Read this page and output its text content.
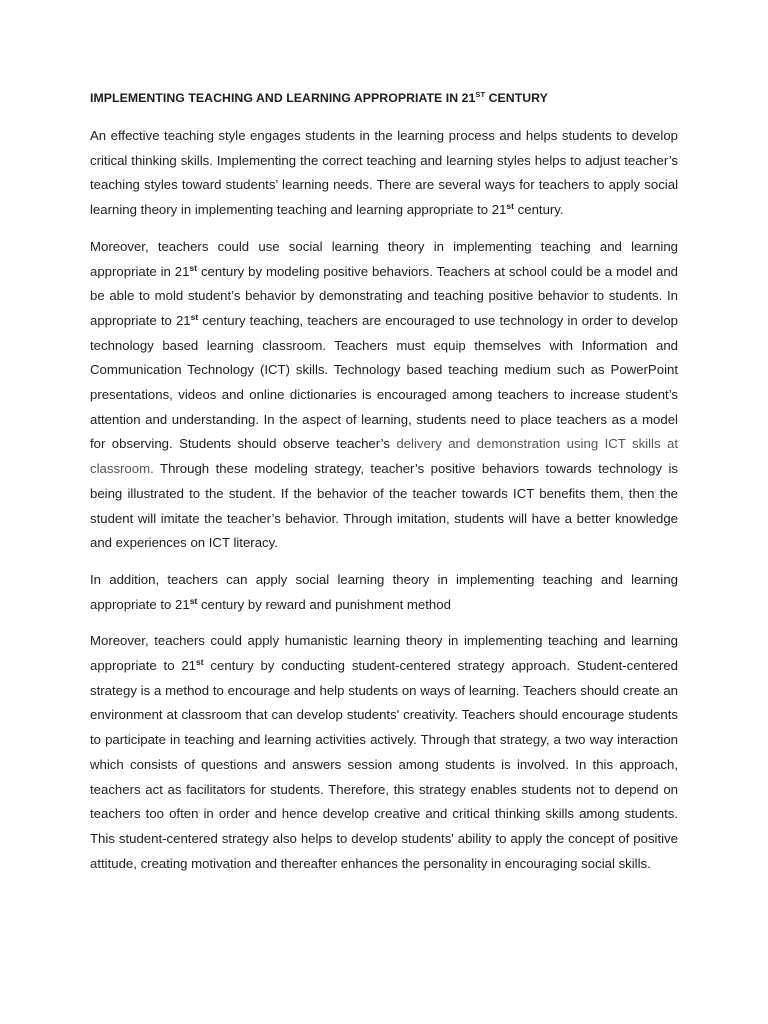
IMPLEMENTING TEACHING AND LEARNING APPROPRIATE IN 21ST CENTURY

An effective teaching style engages students in the learning process and helps students to develop critical thinking skills. Implementing the correct teaching and learning styles helps to adjust teacher’s teaching styles toward students’ learning needs. There are several ways for teachers to apply social learning theory in implementing teaching and learning appropriate to 21st century.

Moreover, teachers could use social learning theory in implementing teaching and learning appropriate in 21st century by modeling positive behaviors. Teachers at school could be a model and be able to mold student’s behavior by demonstrating and teaching positive behavior to students. In appropriate to 21st century teaching, teachers are encouraged to use technology in order to develop technology based learning classroom. Teachers must equip themselves with Information and Communication Technology (ICT) skills. Technology based teaching medium such as PowerPoint presentations, videos and online dictionaries is encouraged among teachers to increase student’s attention and understanding. In the aspect of learning, students need to place teachers as a model for observing. Students should observe teacher’s delivery and demonstration using ICT skills at classroom. Through these modeling strategy, teacher’s positive behaviors towards technology is being illustrated to the student. If the behavior of the teacher towards ICT benefits them, then the student will imitate the teacher’s behavior. Through imitation, students will have a better knowledge and experiences on ICT literacy.

In addition, teachers can apply social learning theory in implementing teaching and learning appropriate to 21st century by reward and punishment method

Moreover, teachers could apply humanistic learning theory in implementing teaching and learning appropriate to 21st century by conducting student-centered strategy approach. Student-centered strategy is a method to encourage and help students on ways of learning. Teachers should create an environment at classroom that can develop students' creativity. Teachers should encourage students to participate in teaching and learning activities actively. Through that strategy, a two way interaction which consists of questions and answers session among students is involved. In this approach, teachers act as facilitators for students. Therefore, this strategy enables students not to depend on teachers too often in order and hence develop creative and critical thinking skills among students. This student-centered strategy also helps to develop students' ability to apply the concept of positive attitude, creating motivation and thereafter enhances the personality in encouraging social skills.
